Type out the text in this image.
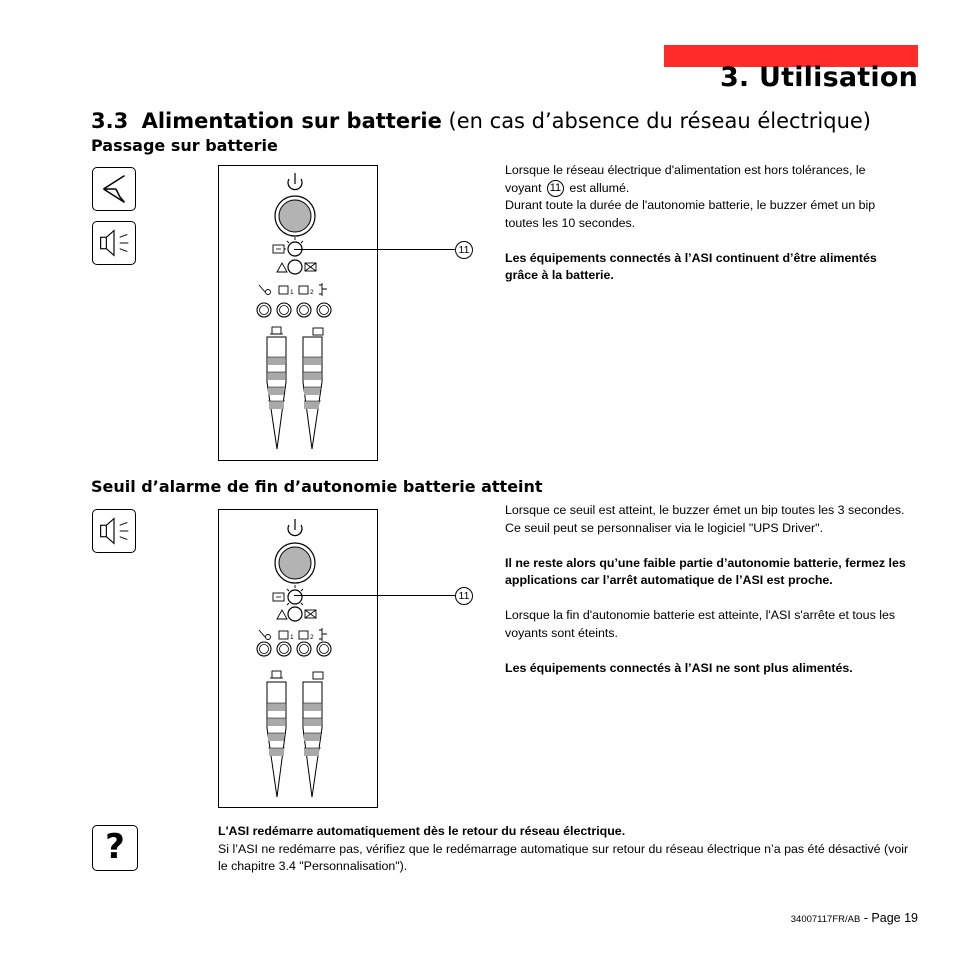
3. Utilisation
3.3 Alimentation sur batterie (en cas d’absence du réseau électrique)
Passage sur batterie
1	2
11

Lorsque le réseau électrique d'alimentation est hors tolérances, le
voyant 11 est allumé.
Durant toute la durée de l'autonomie batterie, le buzzer émet un bip toutes les 10 secondes.

Les équipements connectés à l’ASI continuent d’être alimentés grâce à la batterie.

Seuil d’alarme de fin d’autonomie batterie atteint
1	2
11

Lorsque ce seuil est atteint, le buzzer émet un bip toutes les 3 secondes. Ce seuil peut se personnaliser via le logiciel "UPS Driver".

Il ne reste alors qu’une faible partie d’autonomie batterie, fermez les applications car l’arrêt automatique de l’ASI est proche.

Lorsque la fin d'autonomie batterie est atteinte, l'ASI s'arrête et tous les voyants sont éteints.

Les équipements connectés à l’ASI ne sont plus alimentés.

?	L'ASI redémarre automatiquement dès le retour du réseau électrique.
Si l’ASI ne redémarre pas, vérifiez que le redémarrage automatique sur retour du réseau électrique n’a pas été désactivé (voir le chapitre 3.4 "Personnalisation").

34007117FR/AB - Page 19
